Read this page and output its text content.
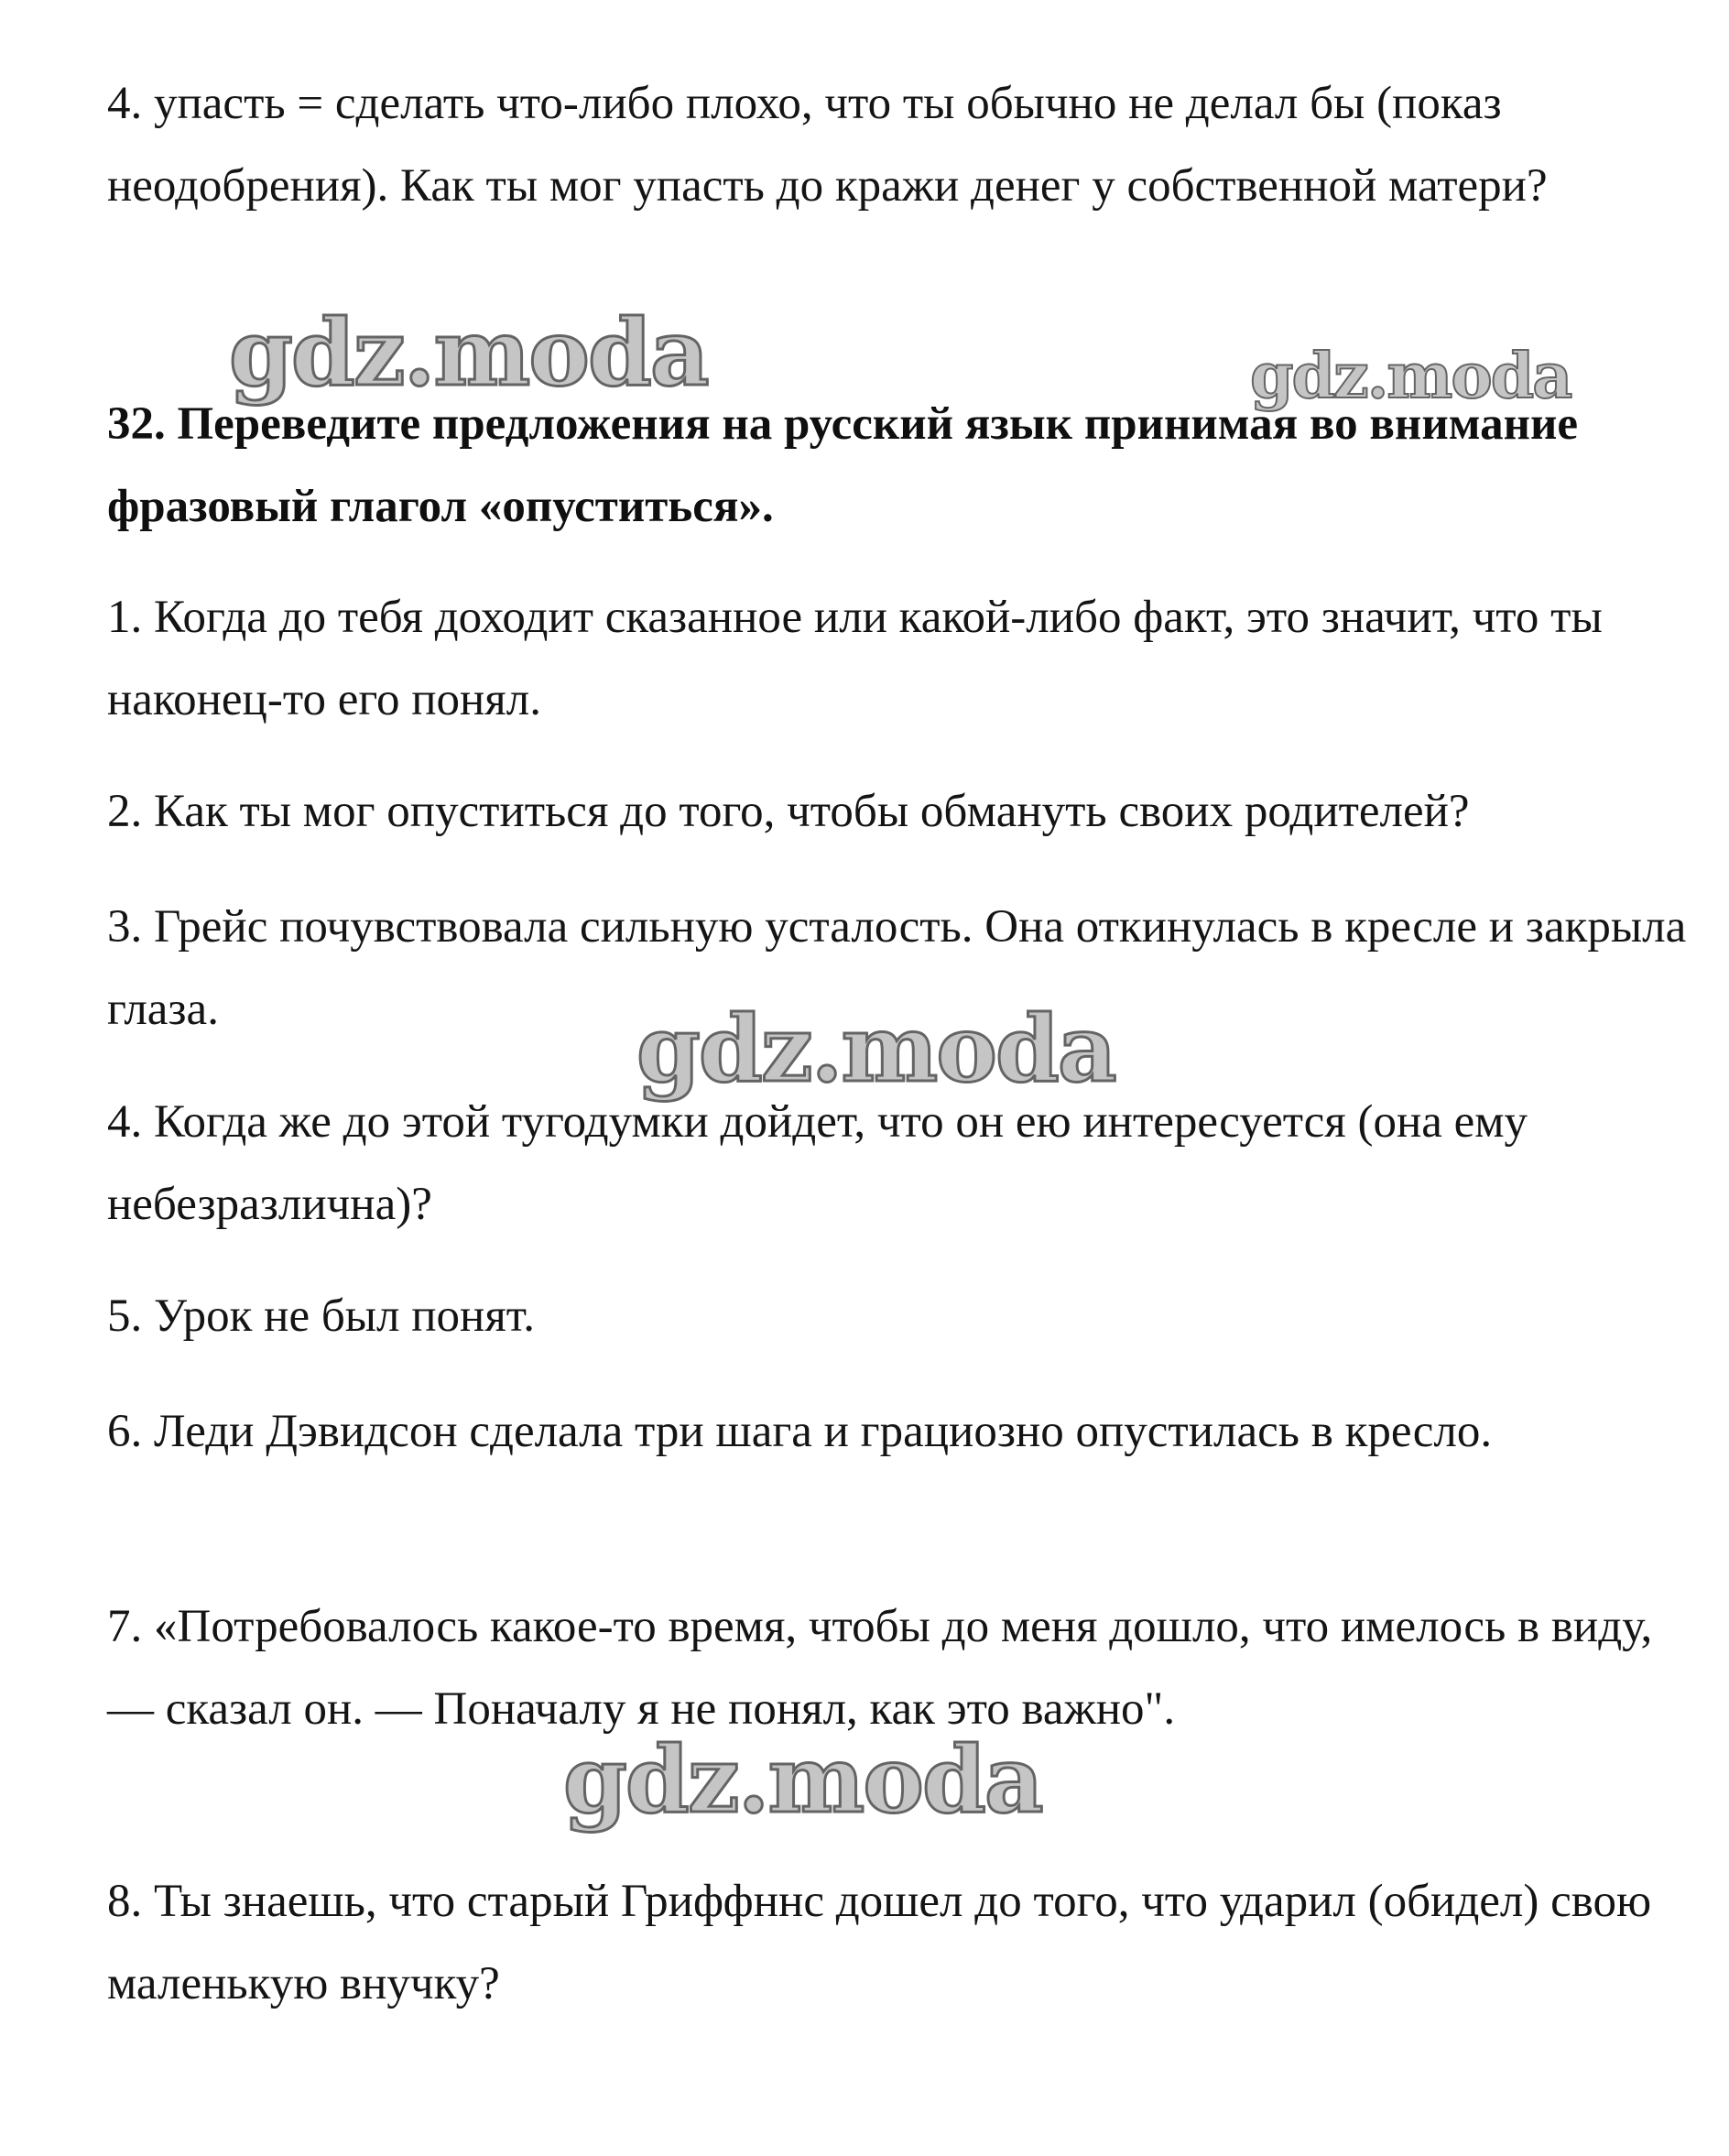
4. упасть = сделать что-либо плохо, что ты обычно не делал бы (показ неодобрения). Как ты мог упасть до кражи денег у собственной матери?

32. Переведите предложения на русский язык принимая во внимание фразовый глагол «опуститься».

1. Когда до тебя доходит сказанное или какой-либо факт, это значит, что ты наконец-то его понял.

2. Как ты мог опуститься до того, чтобы обмануть своих родителей?

3. Грейс почувствовала сильную усталость. Она откинулась в кресле и закрыла глаза.

4. Когда же до этой тугодумки дойдет, что он ею интересуется (она ему небезразлична)?

5. Урок не был понят.

6. Леди Дэвидсон сделала три шага и грациозно опустилась в кресло.

7. «Потребовалось какое-то время, чтобы до меня дошло, что имелось в виду, — сказал он. — Поначалу я не понял, как это важно".

8. Ты знаешь, что старый Гриффннс дошел до того, что ударил (обидел) свою маленькую внучку?

gdz.moda	gdz.moda
gdz.moda
gdz.moda
